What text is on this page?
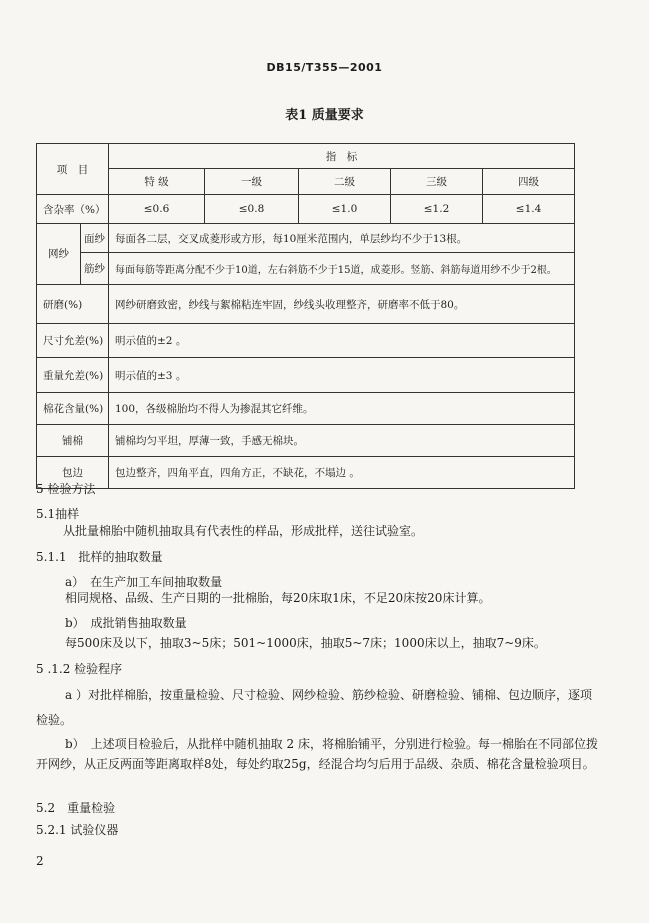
DB15/T355—2001
表1 质量要求
项　目		指　标				
		特 级	一级	二级	三级	四级
含杂率（%）		≤0.6	≤0.8	≤1.0	≤1.2	≤1.4
网纱	面纱	每面各二层，交叉成菱形或方形，每10厘米范围内，单层纱均不少于13根。				
	筋纱	每面每筋等距离分配不少于10道，左右斜筋不少于15道，成菱形。竖筋、斜筋每道用纱不少于2根。				
研磨(%)		网纱研磨致密，纱线与絮棉粘连牢固，纱线头收理整齐，研磨率不低于80。				
尺寸允差(%)		明示值的±2 。				
重量允差(%)		明示值的±3 。				
棉花含量(%)		100，各级棉胎均不得人为掺混其它纤维。				
铺棉		铺棉均匀平坦，厚薄一致，手感无棉块。				
包边		包边整齐，四角平直，四角方正，不缺花，不塌边 。				
5 检验方法
5.1抽样
从批量棉胎中随机抽取具有代表性的样品，形成批样，送往试验室。
5.1.1　批样的抽取数量
a）　在生产加工车间抽取数量
相同规格、品级、生产日期的一批棉胎，每20床取1床，不足20床按20床计算。
b）　成批销售抽取数量
每500床及以下，抽取3~5床；501~1000床，抽取5~7床；1000床以上，抽取7~9床。
5 .1.2 检验程序
a ）对批样棉胎，按重量检验、尺寸检验、网纱检验、筋纱检验、研磨检验、铺棉、包边顺序，逐项
检验。
b）　上述项目检验后，从批样中随机抽取 2 床，将棉胎铺平，分别进行检验。每一棉胎在不同部位拨
开网纱，从正反两面等距离取样8处，每处约取25g，经混合均匀后用于品级、杂质、棉花含量检验项目。
5.2　重量检验
5.2.1 试验仪器
2
